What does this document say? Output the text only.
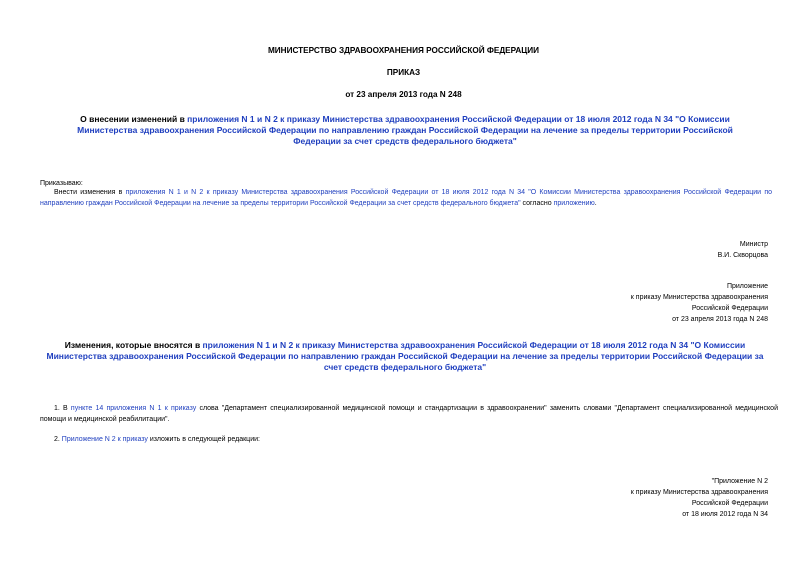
МИНИСТЕРСТВО ЗДРАВООХРАНЕНИЯ РОССИЙСКОЙ ФЕДЕРАЦИИ
ПРИКАЗ
от 23 апреля 2013 года N 248
О внесении изменений в приложения N 1 и N 2 к приказу Министерства здравоохранения Российской Федерации от 18 июля 2012 года N 34 "О Комиссии Министерства здравоохранения Российской Федерации по направлению граждан Российской Федерации на лечение за пределы территории Российской Федерации за счет средств федерального бюджета"
Приказываю:
Внести изменения в приложения N 1 и N 2 к приказу Министерства здравоохранения Российской Федерации от 18 июля 2012 года N 34 "О Комиссии Министерства здравоохранения Российской Федерации по направлению граждан Российской Федерации на лечение за пределы территории Российской Федерации за счет средств федерального бюджета" согласно приложению.
Министр
В.И. Скворцова
Приложение
к приказу Министерства здравоохранения
Российской Федерации
от 23 апреля 2013 года N 248
Изменения, которые вносятся в приложения N 1 и N 2 к приказу Министерства здравоохранения Российской Федерации от 18 июля 2012 года N 34 "О Комиссии Министерства здравоохранения Российской Федерации по направлению граждан Российской Федерации на лечение за пределы территории Российской Федерации за счет средств федерального бюджета"
1. В пункте 14 приложения N 1 к приказу слова "Департамент специализированной медицинской помощи и стандартизации в здравоохранении" заменить словами "Департамент специализированной медицинской помощи и медицинской реабилитации".
2. Приложение N 2 к приказу изложить в следующей редакции:
"Приложение N 2
к приказу Министерства здравоохранения
Российской Федерации
от 18 июля 2012 года N 34
